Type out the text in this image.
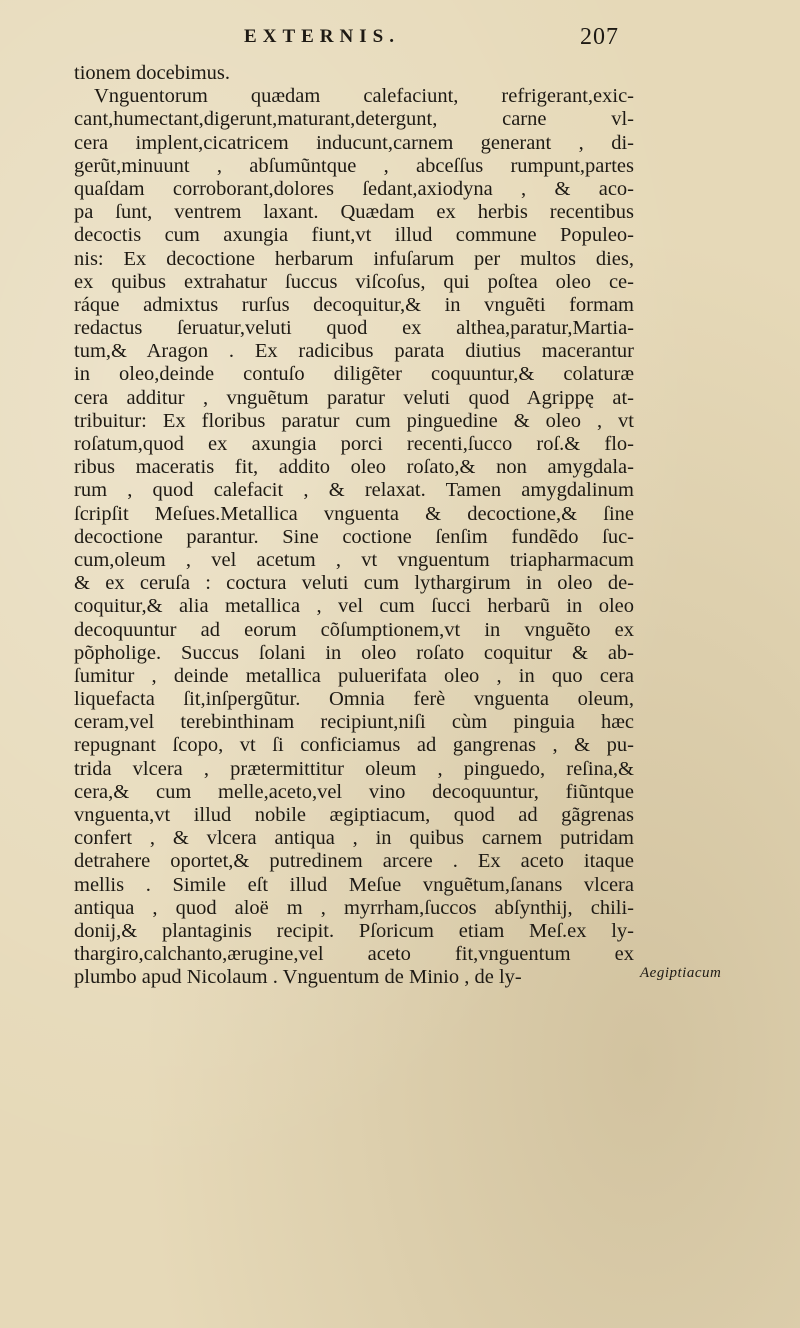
EXTERNIS.	207
tionem docebimus.
Vnguentorum quædam calefaciunt, refrigerant,exic-
cant,humectant,digerunt,maturant,detergunt, carne vl-
cera implent,cicatricem inducunt,carnem generant , di-
gerũt,minuunt , abſumũntque , abceſſus rumpunt,partes
quaſdam corroborant,dolores ſedant,axiodyna , & aco-
pa ſunt, ventrem laxant. Quædam ex herbis recentibus
decoctis cum axungia fiunt,vt illud commune Populeo-
nis: Ex decoctione herbarum infuſarum per multos dies,
ex quibus extrahatur ſuccus viſcoſus, qui poſtea oleo ce-
ráque admixtus rurſus decoquitur,& in vnguẽti formam
redactus ſeruatur,veluti quod ex althea,paratur,Martia-
tum,& Aragon . Ex radicibus parata diutius macerantur
in oleo,deinde contuſo diligẽter coquuntur,& colaturæ
cera additur , vnguẽtum paratur veluti quod Agrippę at-
tribuitur: Ex floribus paratur cum pinguedine & oleo , vt
roſatum,quod ex axungia porci recenti,ſucco roſ.& flo-
ribus maceratis fit, addito oleo roſato,& non amygdala-
rum , quod calefacit , & relaxat. Tamen amygdalinum
ſcripſit Meſues.Metallica vnguenta & decoctione,& ſine
decoctione parantur. Sine coctione ſenſim fundẽdo ſuc-
cum,oleum , vel acetum , vt vnguentum triapharmacum
& ex ceruſa : coctura veluti cum lythargirum in oleo de-
coquitur,& alia metallica , vel cum ſucci herbarũ in oleo
decoquuntur ad eorum cõſumptionem,vt in vnguẽto ex
põpholige. Succus ſolani in oleo roſato coquitur & ab-
ſumitur , deinde metallica puluerifata oleo , in quo cera
liquefacta ſit,inſpergũtur. Omnia ferè vnguenta oleum,
ceram,vel terebinthinam recipiunt,niſi cùm pinguia hæc
repugnant ſcopo, vt ſi conficiamus ad gangrenas , & pu-
trida vlcera , prætermittitur oleum , pinguedo, reſina,&
cera,& cum melle,aceto,vel vino decoquuntur, fiũntque
vnguenta,vt illud nobile ægiptiacum, quod ad gãgrenas
confert , & vlcera antiqua , in quibus carnem putridam
detrahere oportet,& putredinem arcere . Ex aceto itaque
mellis . Simile eſt illud Meſue vnguẽtum,ſanans vlcera
antiqua , quod aloë m , myrrham,ſuccos abſynthij, chili-
donij,& plantaginis recipit. Pſoricum etiam Meſ.ex ly-
thargiro,calchanto,ærugine,vel aceto fit,vnguentum ex
plumbo apud Nicolaum . Vnguentum de Minio , de ly-	Aegiptiacum
